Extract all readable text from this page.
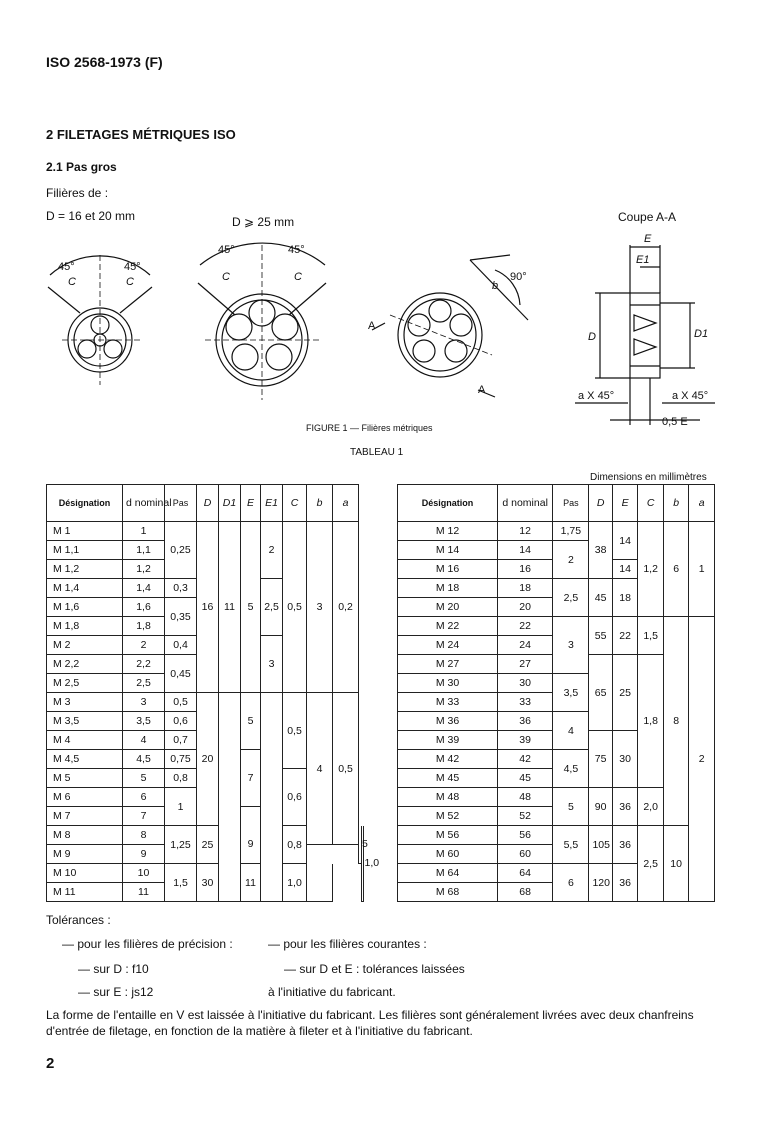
ISO 2568-1973 (F)
2 FILETAGES MÉTRIQUES ISO
2.1 Pas gros
Filières de :
D = 16 et 20 mm	D ⩾ 25 mm	Coupe A-A
45°	45°
45°	45°
90°
C	C	C	C
b
A
A
E
E1
D	D1
a X 45°	a X 45°
0,5 E
FIGURE 1 — Filières métriques
TABLEAU 1
Dimensions en millimètres
Désignation	d nominal	Pas	D	D1	E	E1	C	b	a		
M 1	1	0,25	16	11	5	2	0,5	3	0,2		
M 1,1	1,1										
M 1,2	1,2										
M 1,4	1,4	0,3				2,5					
M 1,6	1,6	0,35									
M 1,8	1,8										
M 2	2	0,4				3					
M 2,2	2,2	0,45									
M 2,5	2,5										
M 3	3	0,5	20		5		0,5	4	0,5		
M 3,5	3,5	0,6									
M 4	4	0,7									
M 4,5	4,5	0,75			7						
M 5	5	0,8					0,6				
M 6	6	1									
M 7	7										
M 8	8	1,25	25		9		0,8			5	1,0
M 9	9										
M 10	10	1,5	30		11		1,0				
M 11	11										
Désignation	d nominal	Pas	D	E	C	b	a
M 12	12	1,75	38	14	1,2	6	1
M 14	14	2					
M 16	16			14			
M 18	18	2,5	45	18			
M 20	20						
M 22	22	3	55	22	1,5	8	2
M 24	24						
M 27	27		65	25	1,8		
M 30	30	3,5					
M 33	33						
M 36	36	4					
M 39	39		75	30			
M 42	42	4,5					
M 45	45						
M 48	48	5	90	36	2,0		
M 52	52						
M 56	56	5,5	105	36	2,5	10	
M 60	60						
M 64	64	6	120	36			
M 68	68						
Tolérances :
— pour les filières de précision :	— pour les filières courantes :
— sur D : f10	— sur D et E : tolérances laissées
— sur E : js12	à l'initiative du fabricant.
La forme de l'entaille en V est laissée à l'initiative du fabricant. Les filières sont généralement livrées avec deux chanfreins d'entrée de filetage, en fonction de la matière à fileter et à l'initiative du fabricant.
2
